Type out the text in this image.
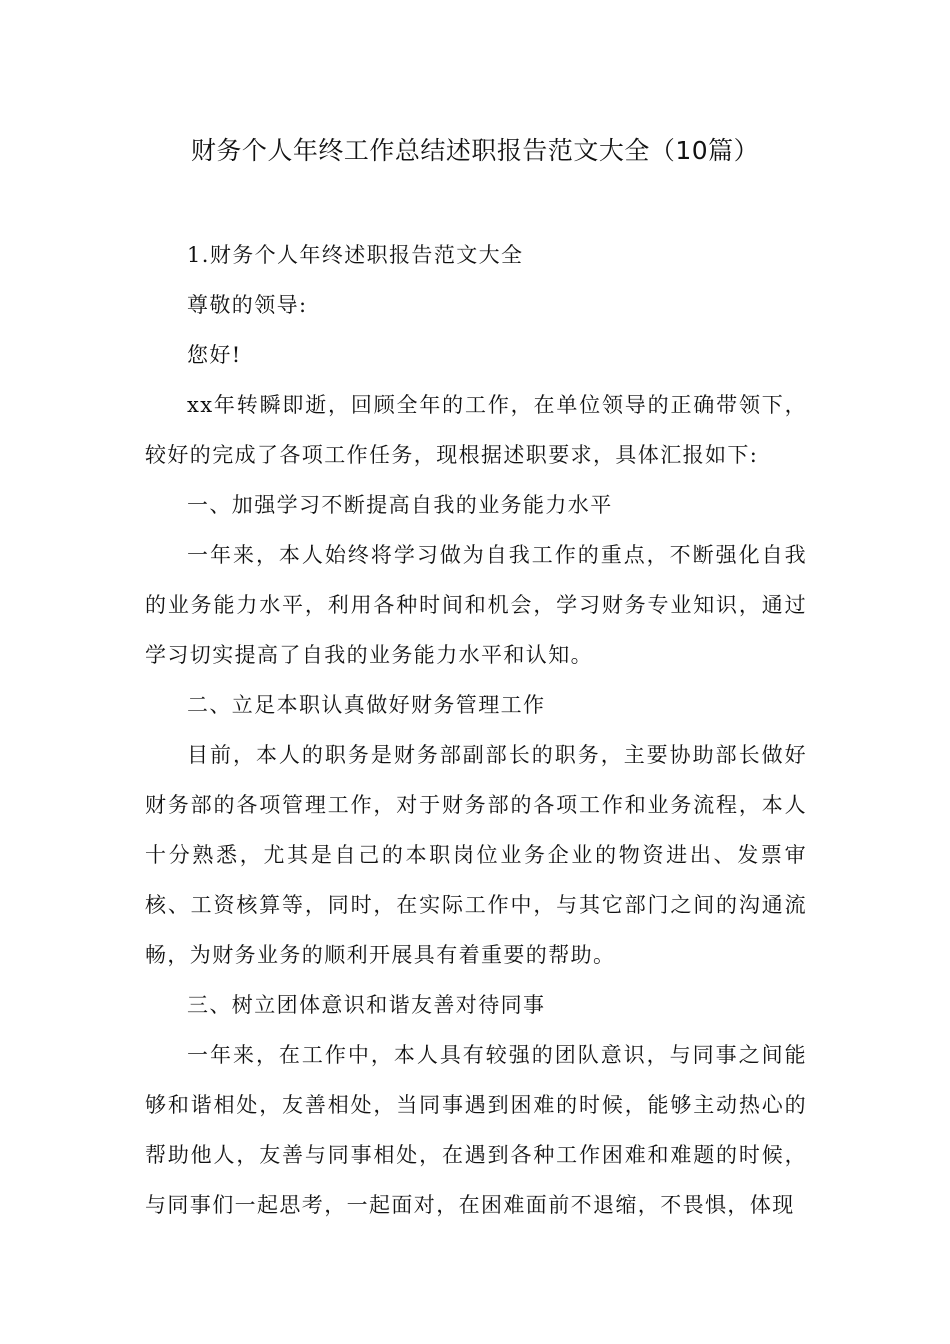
财务个人年终工作总结述职报告范文大全（10篇）

1.财务个人年终述职报告范文大全

尊敬的领导:

您好!

xx年转瞬即逝，回顾全年的工作，在单位领导的正确带领下，较好的完成了各项工作任务，现根据述职要求，具体汇报如下:

一、加强学习不断提高自我的业务能力水平

一年来，本人始终将学习做为自我工作的重点，不断强化自我的业务能力水平，利用各种时间和机会，学习财务专业知识，通过学习切实提高了自我的业务能力水平和认知。

二、立足本职认真做好财务管理工作

目前，本人的职务是财务部副部长的职务，主要协助部长做好财务部的各项管理工作，对于财务部的各项工作和业务流程，本人十分熟悉，尤其是自己的本职岗位业务企业的物资进出、发票审核、工资核算等，同时，在实际工作中，与其它部门之间的沟通流畅，为财务业务的顺利开展具有着重要的帮助。

三、树立团体意识和谐友善对待同事

一年来，在工作中，本人具有较强的团队意识，与同事之间能够和谐相处，友善相处，当同事遇到困难的时候，能够主动热心的帮助他人，友善与同事相处，在遇到各种工作困难和难题的时候，与同事们一起思考，一起面对，在困难面前不退缩，不畏惧，体现
